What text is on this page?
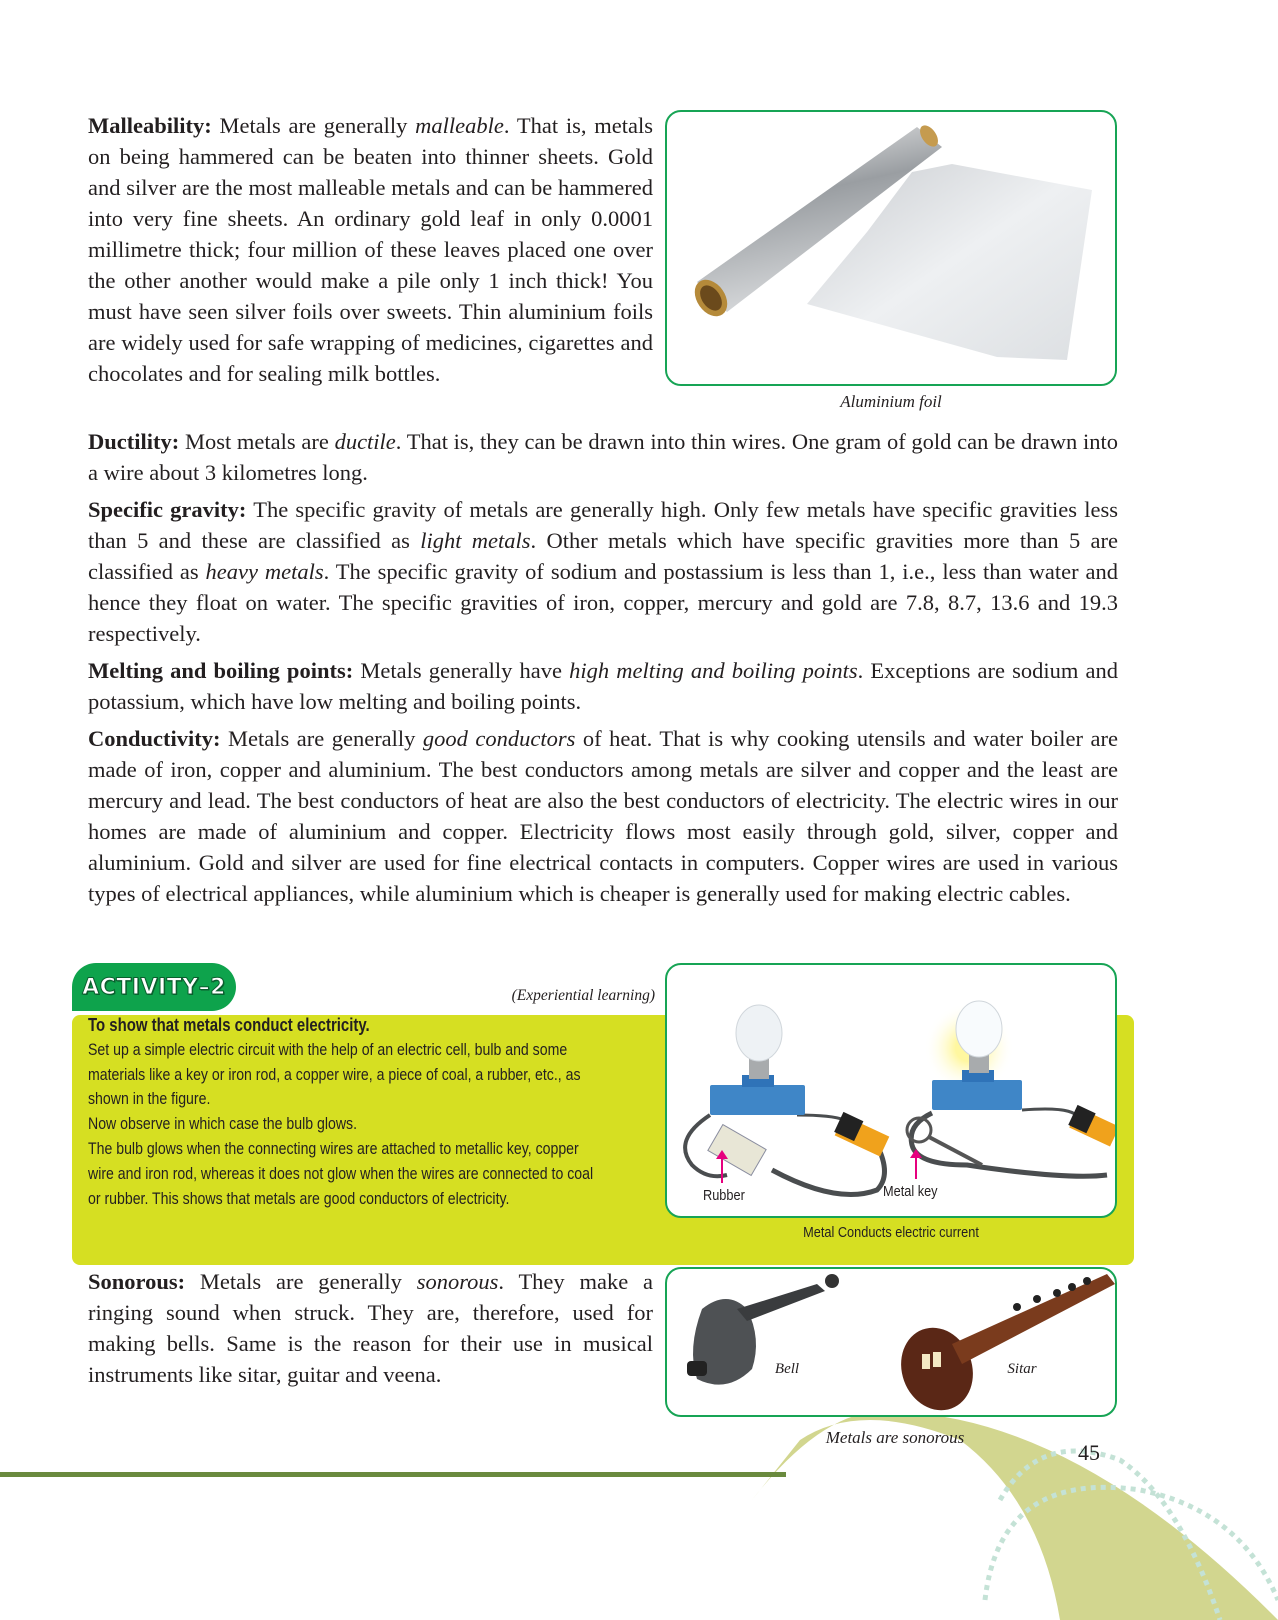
Malleability: Metals are generally malleable. That is, metals on being hammered can be beaten into thinner sheets. Gold and silver are the most malleable metals and can be hammered into very fine sheets. An ordinary gold leaf in only 0.0001 millimetre thick; four million of these leaves placed one over the other another would make a pile only 1 inch thick! You must have seen silver foils over sweets. Thin aluminium foils are widely used for safe wrapping of medicines, cigarettes and chocolates and for sealing milk bottles.

Aluminium foil

Ductility: Most metals are ductile. That is, they can be drawn into thin wires. One gram of gold can be drawn into a wire about 3 kilometres long.

Specific gravity: The specific gravity of metals are generally high. Only few metals have specific gravities less than 5 and these are classified as light metals. Other metals which have specific gravities more than 5 are classified as heavy metals. The specific gravity of sodium and postassium is less than 1, i.e., less than water and hence they float on water. The specific gravities of iron, copper, mercury and gold are 7.8, 8.7, 13.6 and 19.3 respectively.

Melting and boiling points: Metals generally have high melting and boiling points. Exceptions are sodium and potassium, which have low melting and boiling points.

Conductivity: Metals are generally good conductors of heat. That is why cooking utensils and water boiler are made of iron, copper and aluminium. The best conductors among metals are silver and copper and the least are mercury and lead. The best conductors of heat are also the best conductors of electricity. The electric wires in our homes are made of aluminium and copper. Electricity flows most easily through gold, silver, copper and aluminium. Gold and silver are used for fine electrical contacts in computers. Copper wires are used in various types of electrical appliances, while aluminium which is cheaper is generally used for making electric cables.

ACTIVITY–2	(Experiential learning)
To show that metals conduct electricity.
Set up a simple electric circuit with the help of an electric cell, bulb and some
materials like a key or iron rod, a copper wire, a piece of coal, a rubber, etc., as
shown in the figure.
Now observe in which case the bulb glows.
The bulb glows when the connecting wires are attached to metallic key, copper
wire and iron rod, whereas it does not glow when the wires are connected to coal
or rubber. This shows that metals are good conductors of electricity.	Rubber	Metal key
Metal Conducts electric current

Sonorous: Metals are generally sonorous. They make a ringing sound when struck. They are, therefore, used for making bells. Same is the reason for their use in musical instruments like sitar, guitar and veena.	Bell	Sitar
Metals are sonorous
45
